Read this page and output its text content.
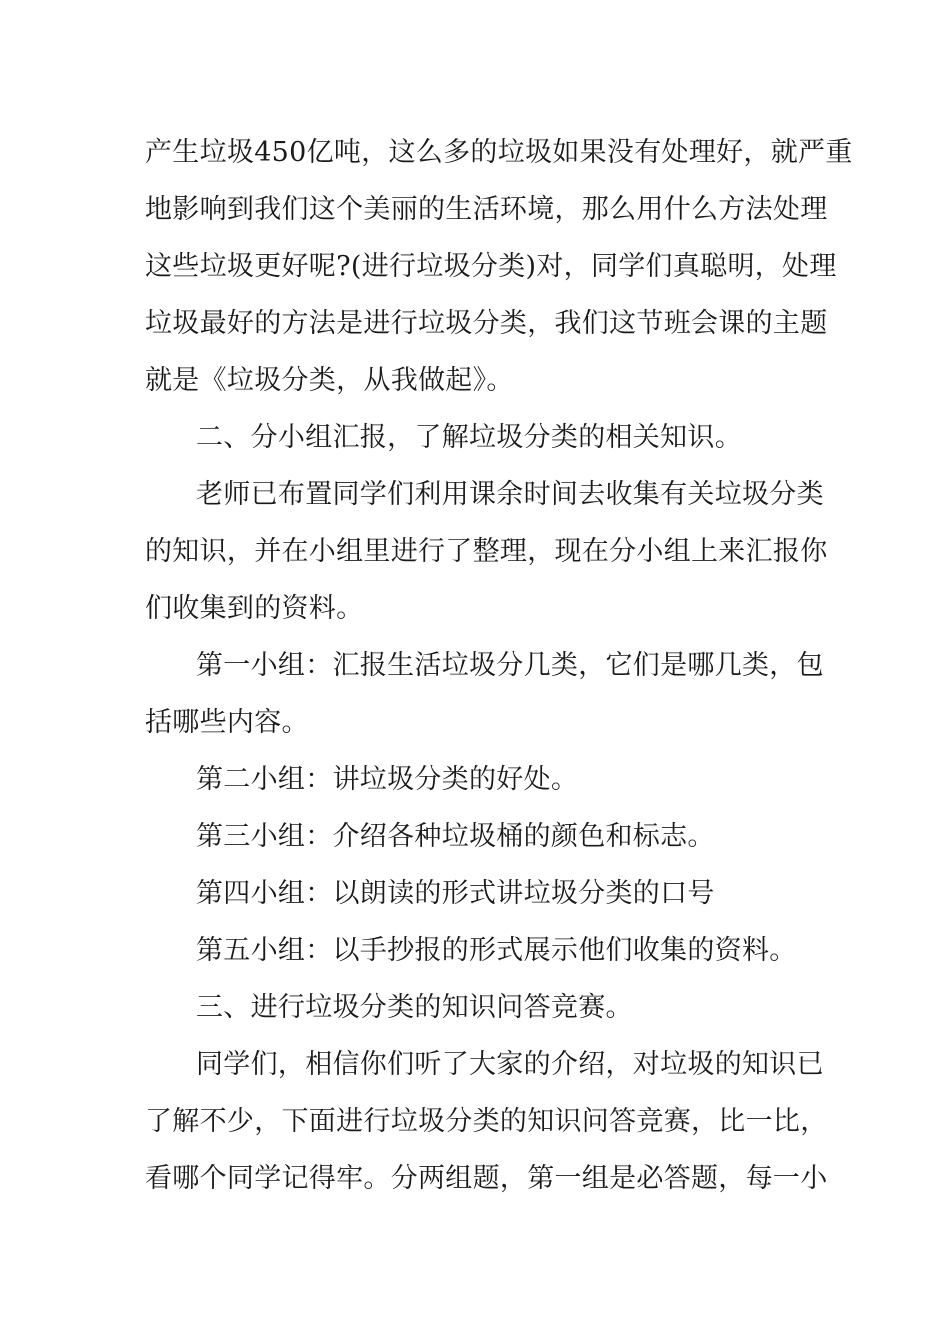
产生垃圾450亿吨，这么多的垃圾如果没有处理好，就严重
地影响到我们这个美丽的生活环境，那么用什么方法处理
这些垃圾更好呢?(进行垃圾分类)对，同学们真聪明，处理
垃圾最好的方法是进行垃圾分类，我们这节班会课的主题
就是《垃圾分类，从我做起》。
二、分小组汇报，了解垃圾分类的相关知识。
老师已布置同学们利用课余时间去收集有关垃圾分类
的知识，并在小组里进行了整理，现在分小组上来汇报你
们收集到的资料。
第一小组：汇报生活垃圾分几类，它们是哪几类，包
括哪些内容。
第二小组：讲垃圾分类的好处。
第三小组：介绍各种垃圾桶的颜色和标志。
第四小组：以朗读的形式讲垃圾分类的口号
第五小组：以手抄报的形式展示他们收集的资料。
三、进行垃圾分类的知识问答竞赛。
同学们，相信你们听了大家的介绍，对垃圾的知识已
了解不少，下面进行垃圾分类的知识问答竞赛，比一比，
看哪个同学记得牢。分两组题，第一组是必答题，每一小
